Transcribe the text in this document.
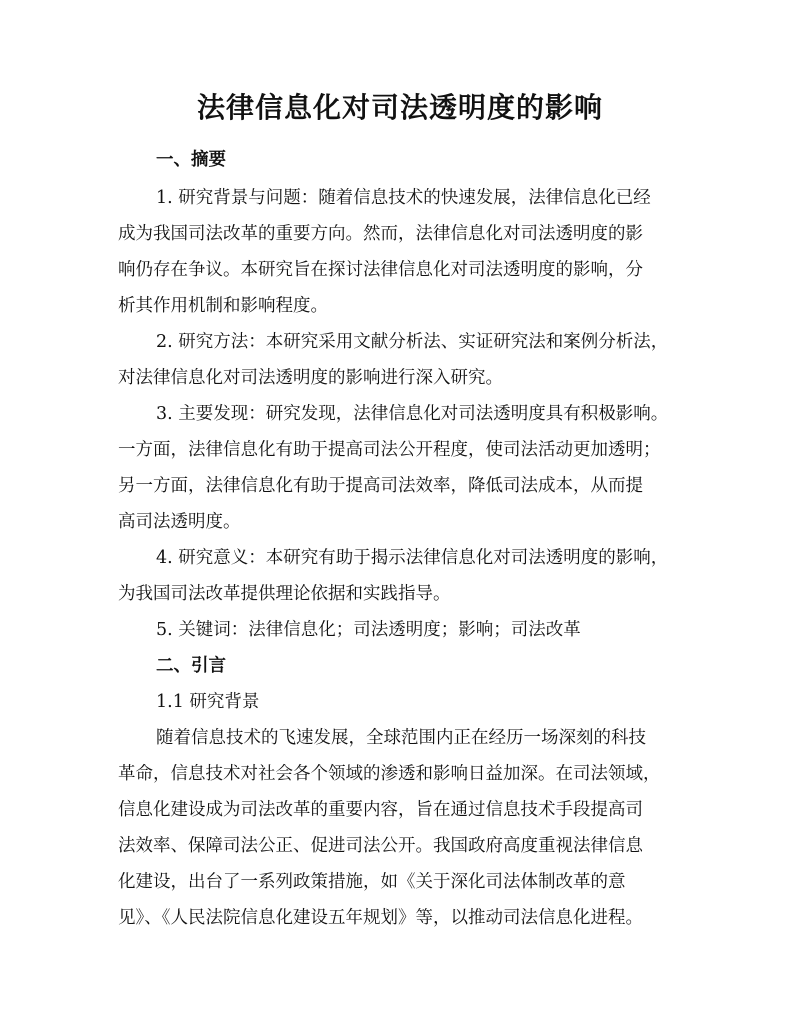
法律信息化对司法透明度的影响
一、摘要
1. 研究背景与问题：随着信息技术的快速发展，法律信息化已经
成为我国司法改革的重要方向。然而，法律信息化对司法透明度的影
响仍存在争议。本研究旨在探讨法律信息化对司法透明度的影响，分
析其作用机制和影响程度。
2. 研究方法：本研究采用文献分析法、实证研究法和案例分析法，
对法律信息化对司法透明度的影响进行深入研究。
3. 主要发现：研究发现，法律信息化对司法透明度具有积极影响。
一方面，法律信息化有助于提高司法公开程度，使司法活动更加透明；
另一方面，法律信息化有助于提高司法效率，降低司法成本，从而提
高司法透明度。
4. 研究意义：本研究有助于揭示法律信息化对司法透明度的影响，
为我国司法改革提供理论依据和实践指导。
5. 关键词：法律信息化；司法透明度；影响；司法改革
二、引言
1.1 研究背景
随着信息技术的飞速发展，全球范围内正在经历一场深刻的科技
革命，信息技术对社会各个领域的渗透和影响日益加深。在司法领域，
信息化建设成为司法改革的重要内容，旨在通过信息技术手段提高司
法效率、保障司法公正、促进司法公开。我国政府高度重视法律信息
化建设，出台了一系列政策措施，如《关于深化司法体制改革的意
见》、《人民法院信息化建设五年规划》等，以推动司法信息化进程。
